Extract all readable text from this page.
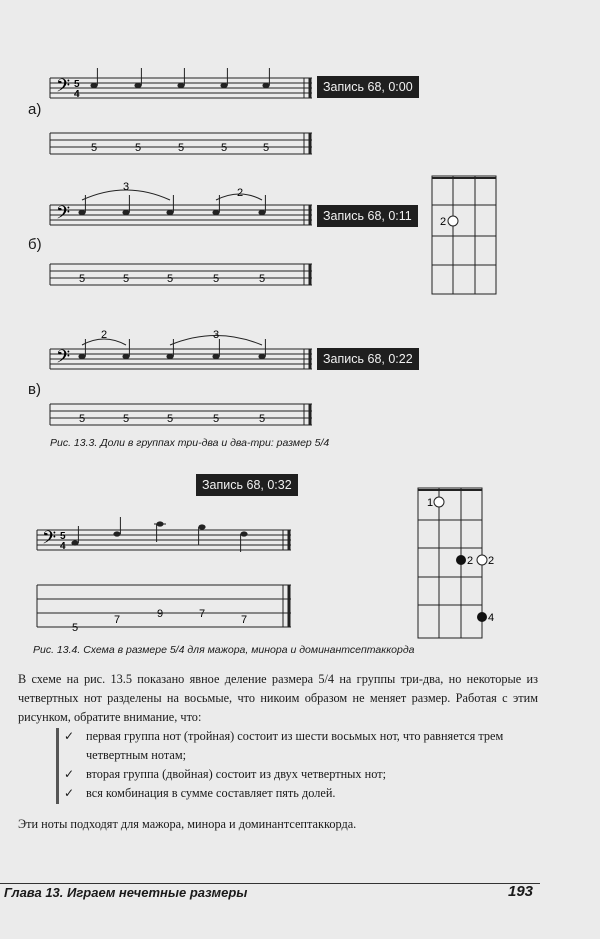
а)
б)
в)
Запись 68, 0:00
Запись 68, 0:11
Запись 68, 0:22
𝄢 5
4
5	5	5	5	5
𝄢
3	2
5	5	5	5	5
𝄢
2	3
5	5	5	5	5
2
Рис. 13.3. Доли в группах три-два и два-три: размер 5/4
Запись 68, 0:32
𝄢 5
4
5
7	9	7	7
1
2 2
4
Рис. 13.4. Схема в размере 5/4 для мажора, минора и доминантсептаккорда
В схеме на рис. 13.5 показано явное деление размера 5/4 на группы три-два, но некоторые из четвертных нот разделены на восьмые, что никоим образом не меняет размер. Работая с этим рисунком, обратите внимание, что:
✓ первая группа нот (тройная) состоит из шести восьмых нот, что равняется трем четвертным нотам;
✓ вторая группа (двойная) состоит из двух четвертных нот;
✓ вся комбинация в сумме составляет пять долей.
Эти ноты подходят для мажора, минора и доминантсептаккорда.
Глава 13. Играем нечетные размеры	193
